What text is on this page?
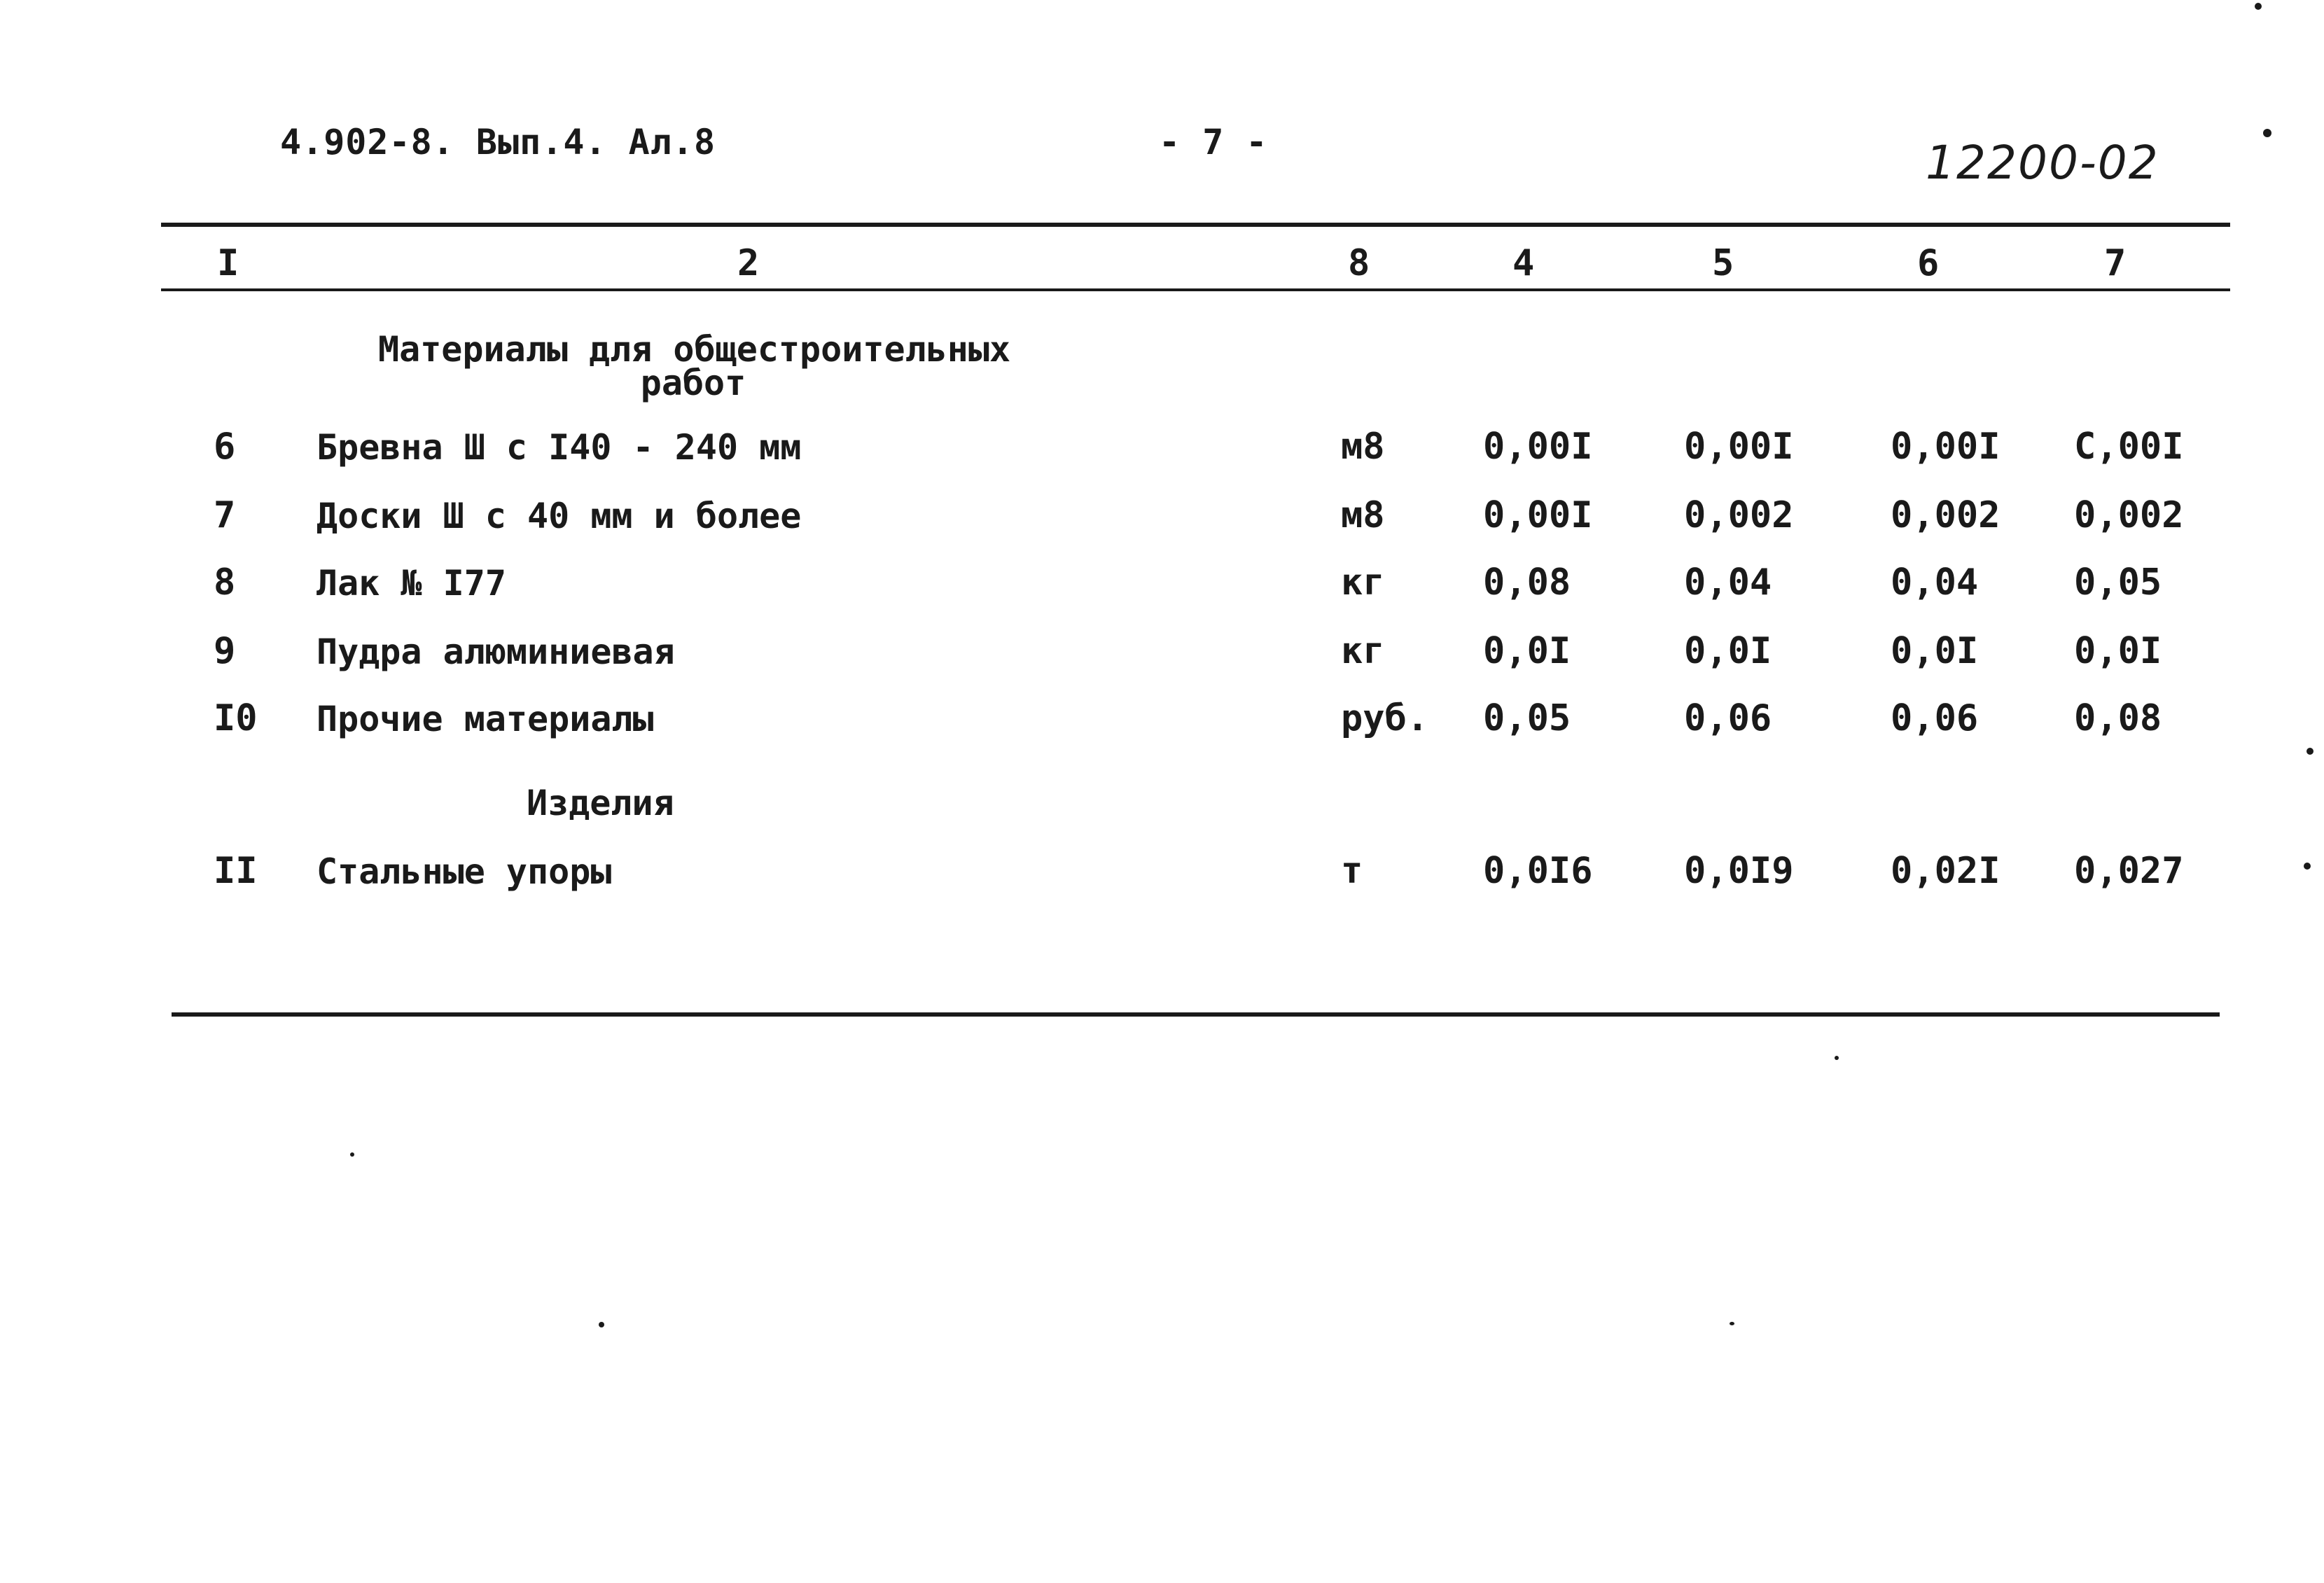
4.902-8. Вып.4. Ал.8	- 7 -	12200-02
I	2	8	4	5	6	7
Материалы для общестроительных
работ
6 Бревна Ш с I40 - 240 мм	м8	0,00I	0,00I	0,00I С,00I
7 Доски Ш с 40 мм и более	м8	0,00I	0,002	0,002 0,002
8 Лак № I77	кг	0,08	0,04	0,04	0,05
9 Пудра алюминиевая	кг	0,0I	0,0I	0,0I	0,0I
I0 Прочие материалы	руб. 0,05	0,06	0,06	0,08
Изделия
II Стальные упоры	т	0,0I6	0,0I9	0,02I 0,027
